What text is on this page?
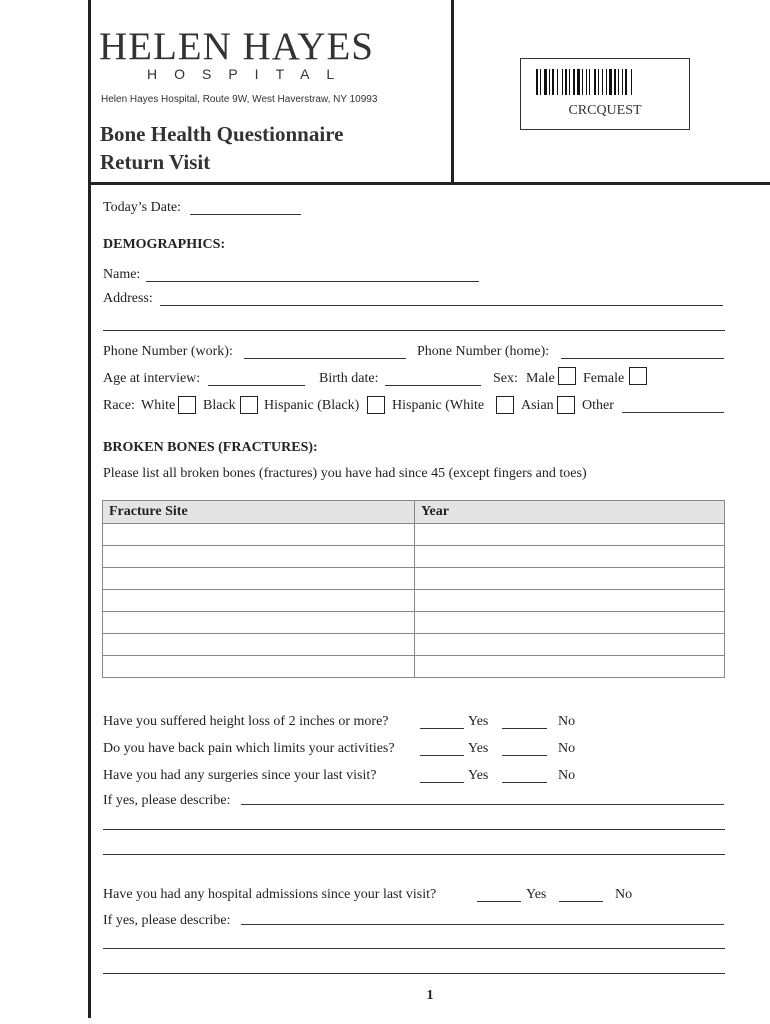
HELEN HAYES
HOSPITAL
Helen Hayes Hospital, Route 9W, West Haverstraw, NY 10993
Bone Health Questionnaire
Return Visit
CRCQUEST
Today’s Date:
DEMOGRAPHICS:
Name:
Address:
Phone Number (work):	Phone Number (home):
Age at interview:	Birth date:	Sex: Male Female
Race: White Black Hispanic (Black) Hispanic (White	Asian Other
BROKEN BONES (FRACTURES):
Please list all broken bones (fractures) you have had since 45 (except fingers and toes)
Fracture Site	Year

Have you suffered height loss of 2 inches or more?	Yes	No
Do you have back pain which limits your activities?	Yes	No
Have you had any surgeries since your last visit?	Yes	No
If yes, please describe:
Have you had any hospital admissions since your last visit?	Yes	No
If yes, please describe:
1
